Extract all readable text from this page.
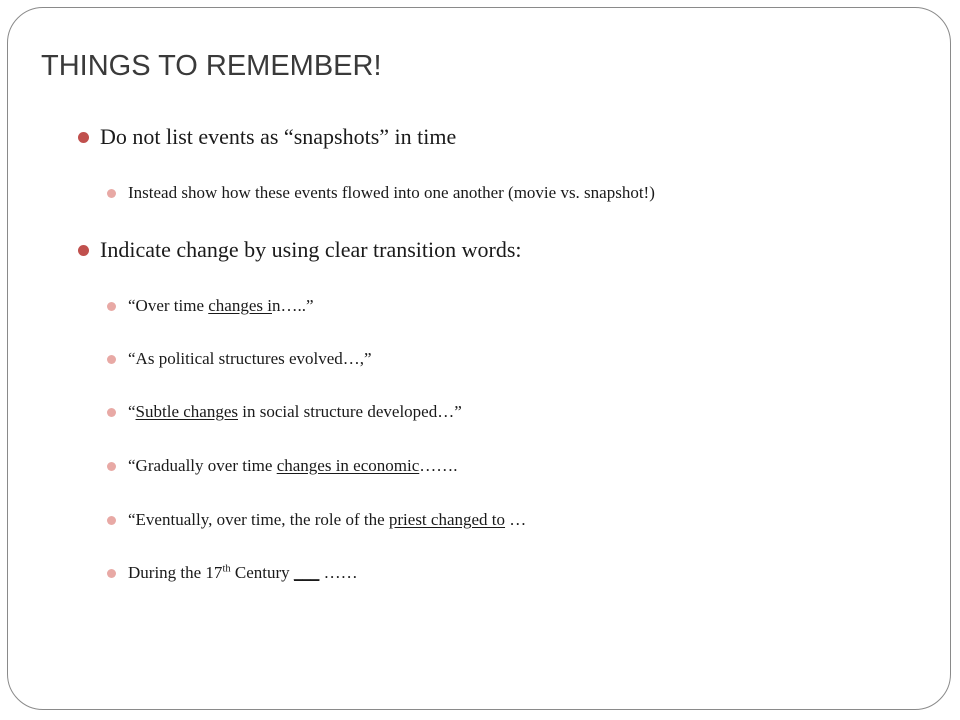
THINGS TO REMEMBER!
Do not list events as “snapshots” in time
Instead show how these events flowed into one another (movie vs. snapshot!)
Indicate change by using clear transition words:
“Over time changes in…..”
“As political structures evolved…,”
“Subtle changes in social structure developed…”
“Gradually over time changes in economic…….
“Eventually, over time, the role of the priest changed to …
During the 17th Century ___ ……
